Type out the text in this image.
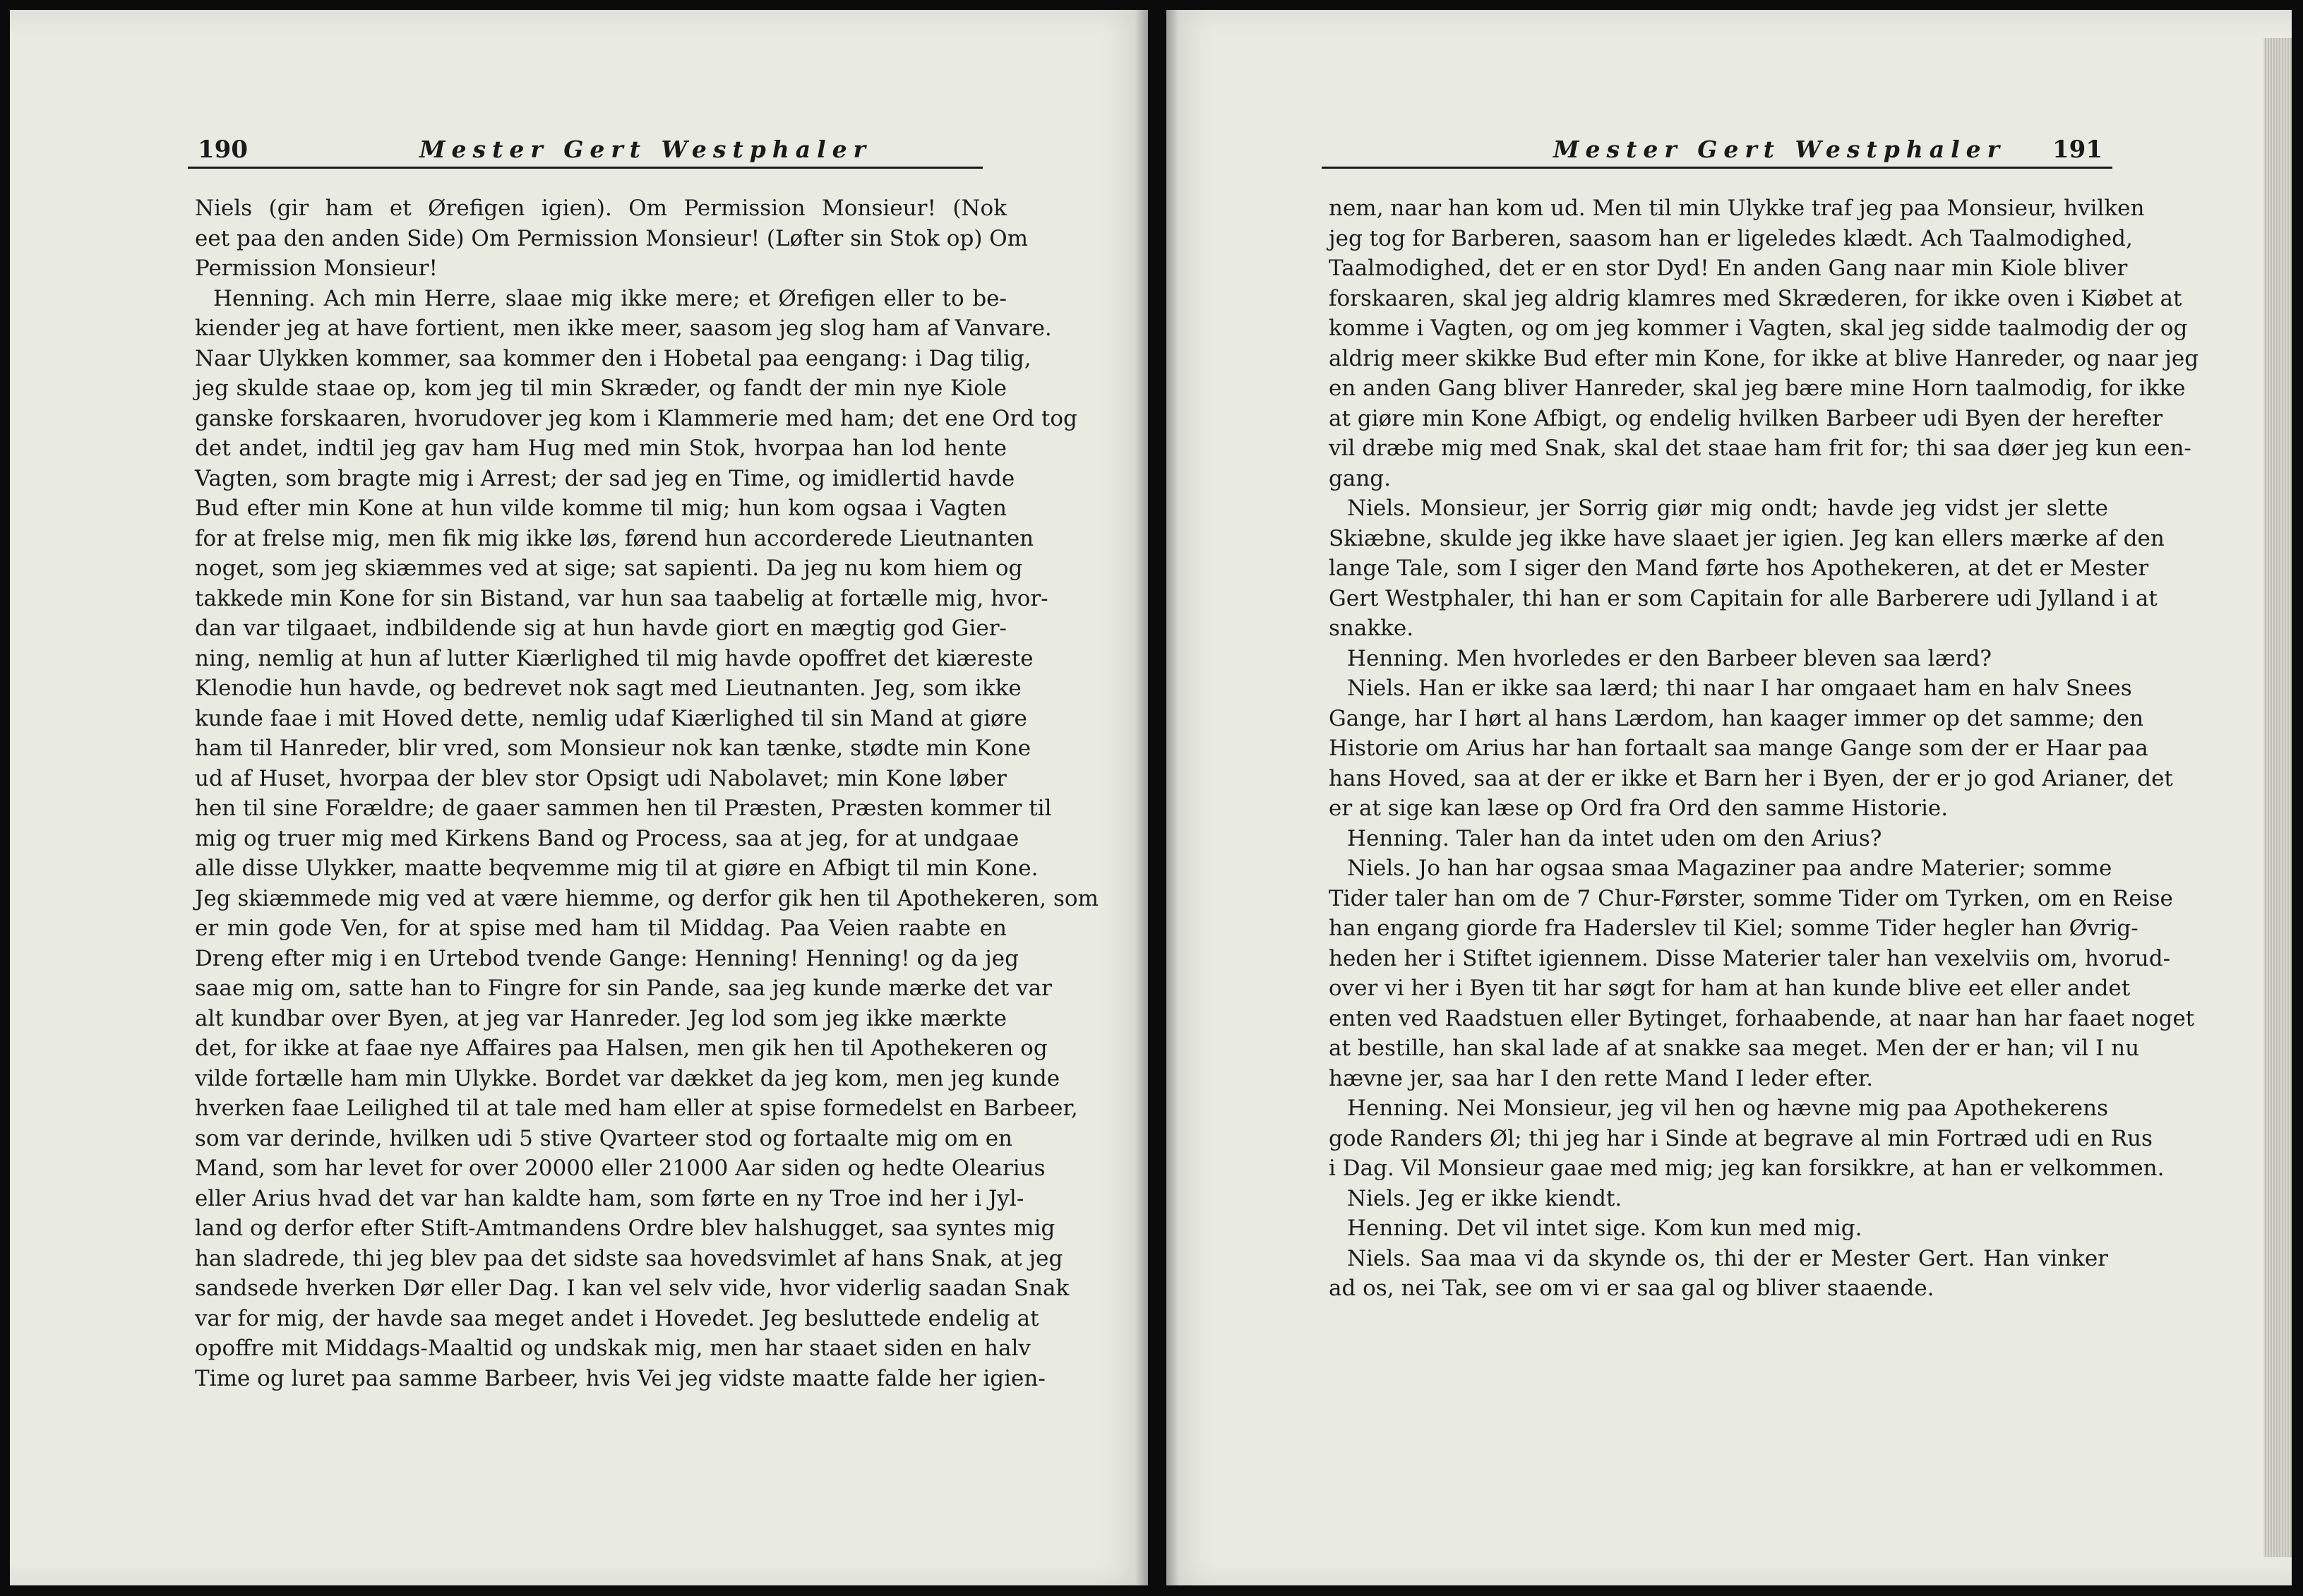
190	Mester Gert Westphaler
Niels (gir ham et Ørefigen igien). Om Permission Monsieur! (Nok
eet paa den anden Side) Om Permission Monsieur! (Løfter sin Stok op) Om
Permission Monsieur!
Henning. Ach min Herre, slaae mig ikke mere; et Ørefigen eller to be-
kiender jeg at have fortient, men ikke meer, saasom jeg slog ham af Vanvare.
Naar Ulykken kommer, saa kommer den i Hobetal paa eengang: i Dag tilig,
jeg skulde staae op, kom jeg til min Skræder, og fandt der min nye Kiole
ganske forskaaren, hvorudover jeg kom i Klammerie med ham; det ene Ord tog
det andet, indtil jeg gav ham Hug med min Stok, hvorpaa han lod hente
Vagten, som bragte mig i Arrest; der sad jeg en Time, og imidlertid havde
Bud efter min Kone at hun vilde komme til mig; hun kom ogsaa i Vagten
for at frelse mig, men fik mig ikke løs, førend hun accorderede Lieutnanten
noget, som jeg skiæmmes ved at sige; sat sapienti. Da jeg nu kom hiem og
takkede min Kone for sin Bistand, var hun saa taabelig at fortælle mig, hvor-
dan var tilgaaet, indbildende sig at hun havde giort en mægtig god Gier-
ning, nemlig at hun af lutter Kiærlighed til mig havde opoffret det kiæreste
Klenodie hun havde, og bedrevet nok sagt med Lieutnanten. Jeg, som ikke
kunde faae i mit Hoved dette, nemlig udaf Kiærlighed til sin Mand at giøre
ham til Hanreder, blir vred, som Monsieur nok kan tænke, stødte min Kone
ud af Huset, hvorpaa der blev stor Opsigt udi Nabolavet; min Kone løber
hen til sine Forældre; de gaaer sammen hen til Præsten, Præsten kommer til
mig og truer mig med Kirkens Band og Process, saa at jeg, for at undgaae
alle disse Ulykker, maatte beqvemme mig til at giøre en Afbigt til min Kone.
Jeg skiæmmede mig ved at være hiemme, og derfor gik hen til Apothekeren, som
er min gode Ven, for at spise med ham til Middag. Paa Veien raabte en
Dreng efter mig i en Urtebod tvende Gange: Henning! Henning! og da jeg
saae mig om, satte han to Fingre for sin Pande, saa jeg kunde mærke det var
alt kundbar over Byen, at jeg var Hanreder. Jeg lod som jeg ikke mærkte
det, for ikke at faae nye Affaires paa Halsen, men gik hen til Apothekeren og
vilde fortælle ham min Ulykke. Bordet var dækket da jeg kom, men jeg kunde
hverken faae Leilighed til at tale med ham eller at spise formedelst en Barbeer,
som var derinde, hvilken udi 5 stive Qvarteer stod og fortaalte mig om en
Mand, som har levet for over 20000 eller 21000 Aar siden og hedte Olearius
eller Arius hvad det var han kaldte ham, som førte en ny Troe ind her i Jyl-
land og derfor efter Stift-Amtmandens Ordre blev halshugget, saa syntes mig
han sladrede, thi jeg blev paa det sidste saa hovedsvimlet af hans Snak, at jeg
sandsede hverken Dør eller Dag. I kan vel selv vide, hvor viderlig saadan Snak
var for mig, der havde saa meget andet i Hovedet. Jeg besluttede endelig at
opoffre mit Middags-Maaltid og undskak mig, men har staaet siden en halv
Time og luret paa samme Barbeer, hvis Vei jeg vidste maatte falde her igien-
Mester Gert Westphaler 191
nem, naar han kom ud. Men til min Ulykke traf jeg paa Monsieur, hvilken
jeg tog for Barberen, saasom han er ligeledes klædt. Ach Taalmodighed,
Taalmodighed, det er en stor Dyd! En anden Gang naar min Kiole bliver
forskaaren, skal jeg aldrig klamres med Skræderen, for ikke oven i Kiøbet at
komme i Vagten, og om jeg kommer i Vagten, skal jeg sidde taalmodig der og
aldrig meer skikke Bud efter min Kone, for ikke at blive Hanreder, og naar jeg
en anden Gang bliver Hanreder, skal jeg bære mine Horn taalmodig, for ikke
at giøre min Kone Afbigt, og endelig hvilken Barbeer udi Byen der herefter
vil dræbe mig med Snak, skal det staae ham frit for; thi saa døer jeg kun een-
gang.
Niels. Monsieur, jer Sorrig giør mig ondt; havde jeg vidst jer slette
Skiæbne, skulde jeg ikke have slaaet jer igien. Jeg kan ellers mærke af den
lange Tale, som I siger den Mand førte hos Apothekeren, at det er Mester
Gert Westphaler, thi han er som Capitain for alle Barberere udi Jylland i at
snakke.
Henning. Men hvorledes er den Barbeer bleven saa lærd?
Niels. Han er ikke saa lærd; thi naar I har omgaaet ham en halv Snees
Gange, har I hørt al hans Lærdom, han kaager immer op det samme; den
Historie om Arius har han fortaalt saa mange Gange som der er Haar paa
hans Hoved, saa at der er ikke et Barn her i Byen, der er jo god Arianer, det
er at sige kan læse op Ord fra Ord den samme Historie.
Henning. Taler han da intet uden om den Arius?
Niels. Jo han har ogsaa smaa Magaziner paa andre Materier; somme
Tider taler han om de 7 Chur-Førster, somme Tider om Tyrken, om en Reise
han engang giorde fra Haderslev til Kiel; somme Tider hegler han Øvrig-
heden her i Stiftet igiennem. Disse Materier taler han vexelviis om, hvorud-
over vi her i Byen tit har søgt for ham at han kunde blive eet eller andet
enten ved Raadstuen eller Bytinget, forhaabende, at naar han har faaet noget
at bestille, han skal lade af at snakke saa meget. Men der er han; vil I nu
hævne jer, saa har I den rette Mand I leder efter.
Henning. Nei Monsieur, jeg vil hen og hævne mig paa Apothekerens
gode Randers Øl; thi jeg har i Sinde at begrave al min Fortræd udi en Rus
i Dag. Vil Monsieur gaae med mig; jeg kan forsikkre, at han er velkommen.
Niels. Jeg er ikke kiendt.
Henning. Det vil intet sige. Kom kun med mig.
Niels. Saa maa vi da skynde os, thi der er Mester Gert. Han vinker
ad os, nei Tak, see om vi er saa gal og bliver staaende.
